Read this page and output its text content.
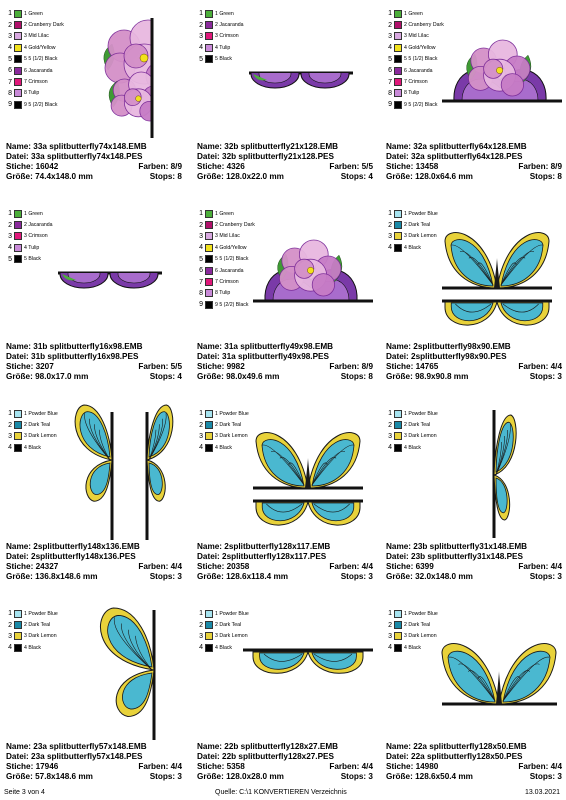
1 1 Green
2 2 Cranberry Dark
3 3 Mid Lilac
4 4 Gold/Yellow
5 5 5 (1/2) Black
6 6 Jacaranda
7 7 Crimson
8 8 Tulip
9 9 5 (2/2) Black
Name: 33a splitbutterfly74x148.EMB
Datei: 33a splitbutterfly74x148.PES
Stiche: 16042	Farben: 8/9
Größe: 74.4x148.0 mm	Stops: 8
1 1 Green
2 2 Jacaranda
3 3 Crimson
4 4 Tulip
5 5 Black
Name: 32b splitbutterfly21x128.EMB
Datei: 32b splitbutterfly21x128.PES
Stiche: 4326	Farben: 5/5
Größe: 128.0x22.0 mm	Stops: 4
1 1 Green
2 2 Cranberry Dark
3 3 Mid Lilac
4 4 Gold/Yellow
5 5 5 (1/2) Black
6 6 Jacaranda
7 7 Crimson
8 8 Tulip
9 9 5 (2/2) Black
Name: 32a splitbutterfly64x128.EMB
Datei: 32a splitbutterfly64x128.PES
Stiche: 13458	Farben: 8/9
Größe: 128.0x64.6 mm	Stops: 8
1 1 Green
2 2 Jacaranda
3 3 Crimson
4 4 Tulip
5 5 Black
Name: 31b splitbutterfly16x98.EMB
Datei: 31b splitbutterfly16x98.PES
Stiche: 3207	Farben: 5/5
Größe: 98.0x17.0 mm	Stops: 4
1 1 Green
2 2 Cranberry Dark
3 3 Mid Lilac
4 4 Gold/Yellow
5 5 5 (1/2) Black
6 6 Jacaranda
7 7 Crimson
8 8 Tulip
9 9 5 (2/2) Black
Name: 31a splitbutterfly49x98.EMB
Datei: 31a splitbutterfly49x98.PES
Stiche: 9982	Farben: 8/9
Größe: 98.0x49.6 mm	Stops: 8
1 1 Powder Blue
2 2 Dark Teal
3 3 Dark Lemon
4 4 Black
Name: 2splitbutterfly98x90.EMB
Datei: 2splitbutterfly98x90.PES
Stiche: 14765	Farben: 4/4
Größe: 98.9x90.8 mm	Stops: 3
1 1 Powder Blue
2 2 Dark Teal
3 3 Dark Lemon
4 4 Black
Name: 2splitbutterfly148x136.EMB
Datei: 2splitbutterfly148x136.PES
Stiche: 24327	Farben: 4/4
Größe: 136.8x148.6 mm	Stops: 3
1 1 Powder Blue
2 2 Dark Teal
3 3 Dark Lemon
4 4 Black
Name: 2splitbutterfly128x117.EMB
Datei: 2splitbutterfly128x117.PES
Stiche: 20358	Farben: 4/4
Größe: 128.6x118.4 mm	Stops: 3
1 1 Powder Blue
2 2 Dark Teal
3 3 Dark Lemon
4 4 Black
Name: 23b splitbutterfly31x148.EMB
Datei: 23b splitbutterfly31x148.PES
Stiche: 6399	Farben: 4/4
Größe: 32.0x148.0 mm	Stops: 3
1 1 Powder Blue
2 2 Dark Teal
3 3 Dark Lemon
4 4 Black
Name: 23a splitbutterfly57x148.EMB
Datei: 23a splitbutterfly57x148.PES
Stiche: 17946	Farben: 4/4
Größe: 57.8x148.6 mm	Stops: 3
1 1 Powder Blue
2 2 Dark Teal
3 3 Dark Lemon
4 4 Black
Name: 22b splitbutterfly128x27.EMB
Datei: 22b splitbutterfly128x27.PES
Stiche: 5358	Farben: 4/4
Größe: 128.0x28.0 mm	Stops: 3
1 1 Powder Blue
2 2 Dark Teal
3 3 Dark Lemon
4 4 Black
Name: 22a splitbutterfly128x50.EMB
Datei: 22a splitbutterfly128x50.PES
Stiche: 14980	Farben: 4/4
Größe: 128.6x50.4 mm	Stops: 3
Seite 3 von 4	Quelle: C:\1 KONVERTIEREN Verzeichnis	13.03.2021
